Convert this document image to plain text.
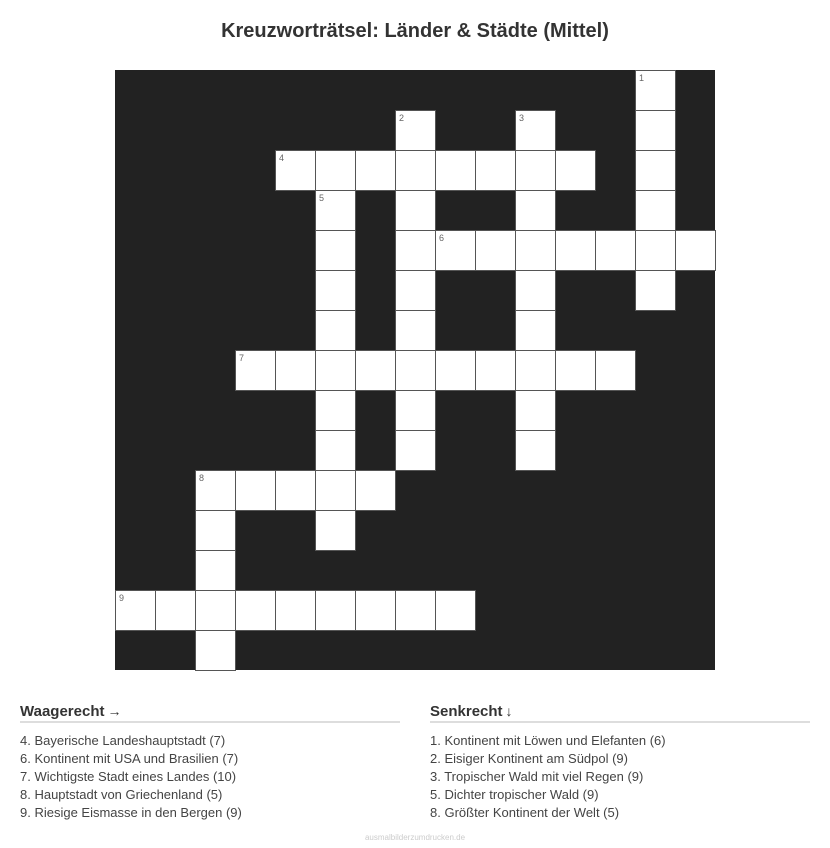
Kreuzworträtsel: Länder & Städte (Mittel)
1
2	3
4
5
6
7
8
9
Waagerecht →
4. Bayerische Landeshauptstadt (7)
6. Kontinent mit USA und Brasilien (7)
7. Wichtigste Stadt eines Landes (10)
8. Hauptstadt von Griechenland (5)
9. Riesige Eismasse in den Bergen (9)
Senkrecht ↓
1. Kontinent mit Löwen und Elefanten (6)
2. Eisiger Kontinent am Südpol (9)
3. Tropischer Wald mit viel Regen (9)
5. Dichter tropischer Wald (9)
8. Größter Kontinent der Welt (5)
ausmalbilderzumdrucken.de
